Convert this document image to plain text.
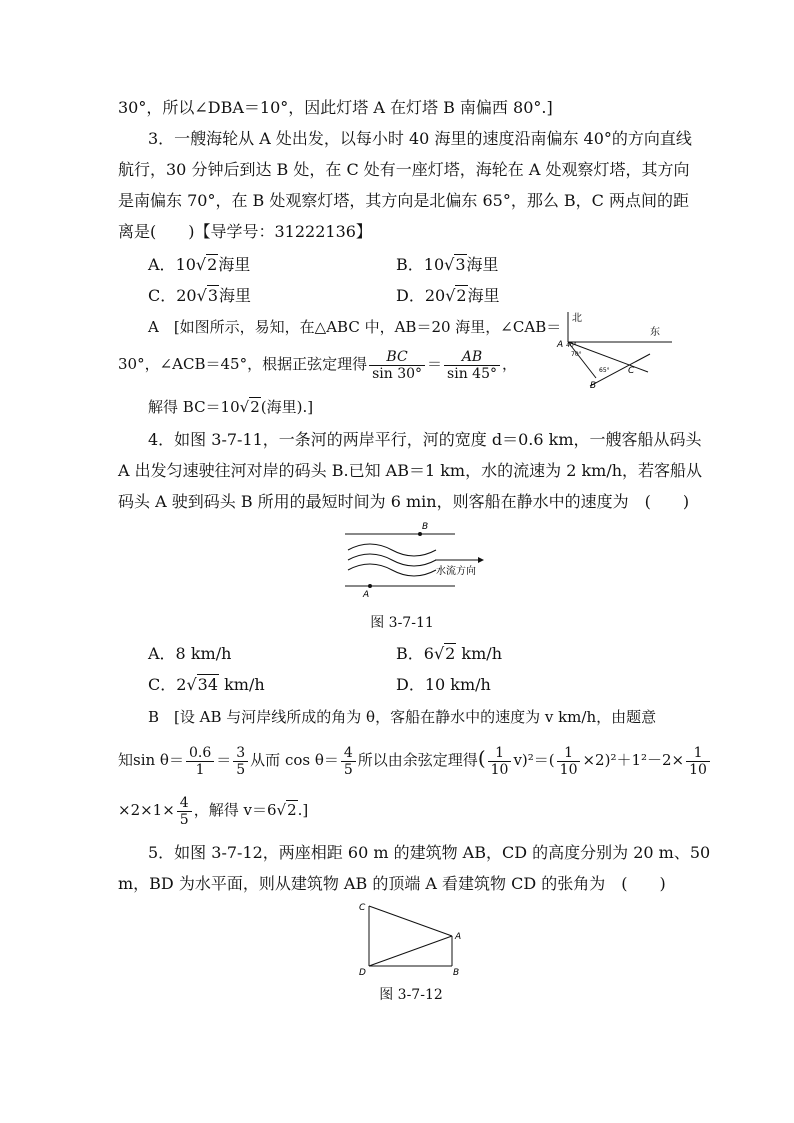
30°，所以∠DBA＝10°，因此灯塔 A 在灯塔 B 南偏西 80°.]
3．一艘海轮从 A 处出发，以每小时 40 海里的速度沿南偏东 40°的方向直线
航行，30 分钟后到达 B 处，在 C 处有一座灯塔，海轮在 A 处观察灯塔，其方向
是南偏东 70°，在 B 处观察灯塔，其方向是北偏东 65°，那么 B，C 两点间的距
离是(　　)【导学号：31222136】
A．10√2海里	B．10√3海里
C．20√3海里	D．20√2海里
A　[如图所示，易知，在△ABC 中，AB＝20 海里，∠CAB＝
30°，∠ACB＝45°，根据正弦定理得 $\frac{BC}{\sin 30^\circ} = \frac{AB}{\sin 45^\circ}$ ，
解得 BC＝10√2(海里).]
北
东
A
B
C
40°
70°
65°
4．如图 3-7-11，一条河的两岸平行，河的宽度 d＝0.6 km，一艘客船从码头
A 出发匀速驶往河对岸的码头 B.已知 AB＝1 km，水的流速为 2 km/h，若客船从
码头 A 驶到码头 B 所用的最短时间为 6 min，则客船在静水中的速度为　(　　)
B
A
水流方向
图 3-7-11
A．8 km/h	B．6√2 km/h
C．2√34 km/h	D．10 km/h
B　[设 AB 与河岸线所成的角为 θ，客船在静水中的速度为 v km/h，由题意
知$\sin \theta= \frac{0.6}{1} = \frac{3}{5}$ 从而 $\cos \theta= \frac{4}{5}$ 所以由余弦定理得( $\frac{1}{10} v)^2=( \frac{1}{10} \times 2)^2+1^2-2\times \frac{1}{10}$
$\times 2\times 1\times \frac{4}{5}$ ，解得 v＝6√2.]
5．如图 3-7-12，两座相距 60 m 的建筑物 AB，CD 的高度分别为 20 m、50
m，BD 为水平面，则从建筑物 AB 的顶端 A 看建筑物 CD 的张角为　(　　)
C
A
D	B
图 3-7-12
